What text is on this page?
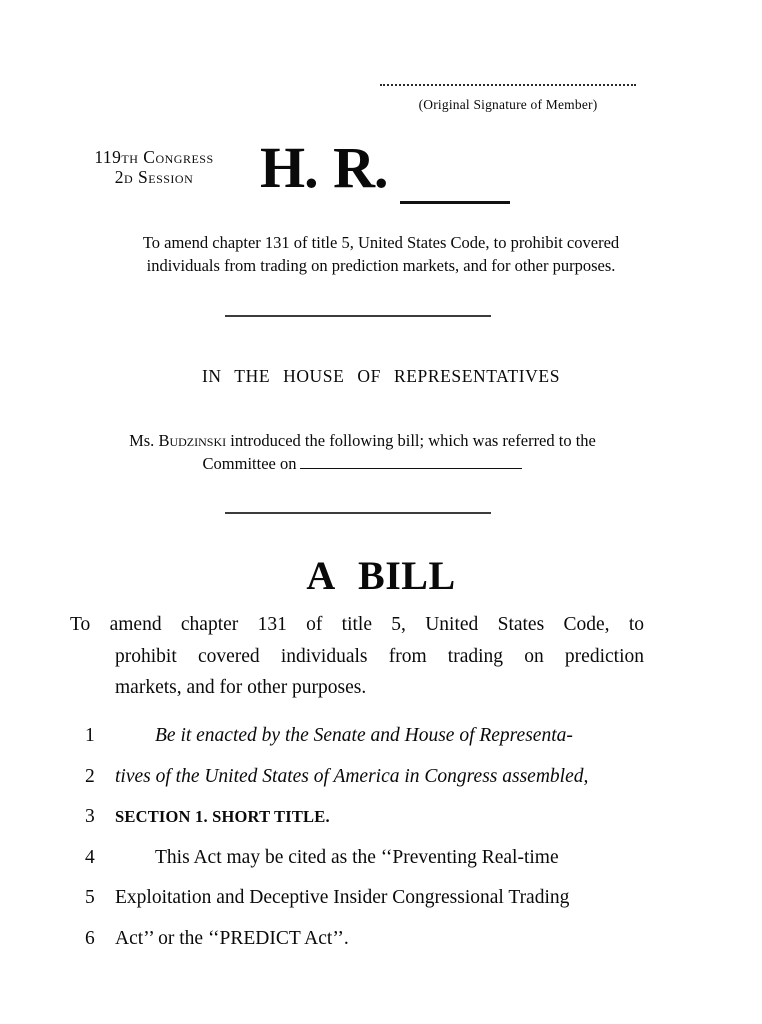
(Original Signature of Member)
119th Congress
2d Session	H. R.
To amend chapter 131 of title 5, United States Code, to prohibit covered
individuals from trading on prediction markets, and for other purposes.
IN THE HOUSE OF REPRESENTATIVES
Ms. Budzinski introduced the following bill; which was referred to the
Committee on
A BILL
To amend chapter 131 of title 5, United States Code, to
prohibit covered individuals from trading on prediction
markets, and for other purposes.
1	Be it enacted by the Senate and House of Representa-
2	tives of the United States of America in Congress assembled,
3	SECTION 1. SHORT TITLE.
4	This Act may be cited as the ‘‘Preventing Real-time
5	Exploitation and Deceptive Insider Congressional Trading
6	Act’’ or the ‘‘PREDICT Act’’.
